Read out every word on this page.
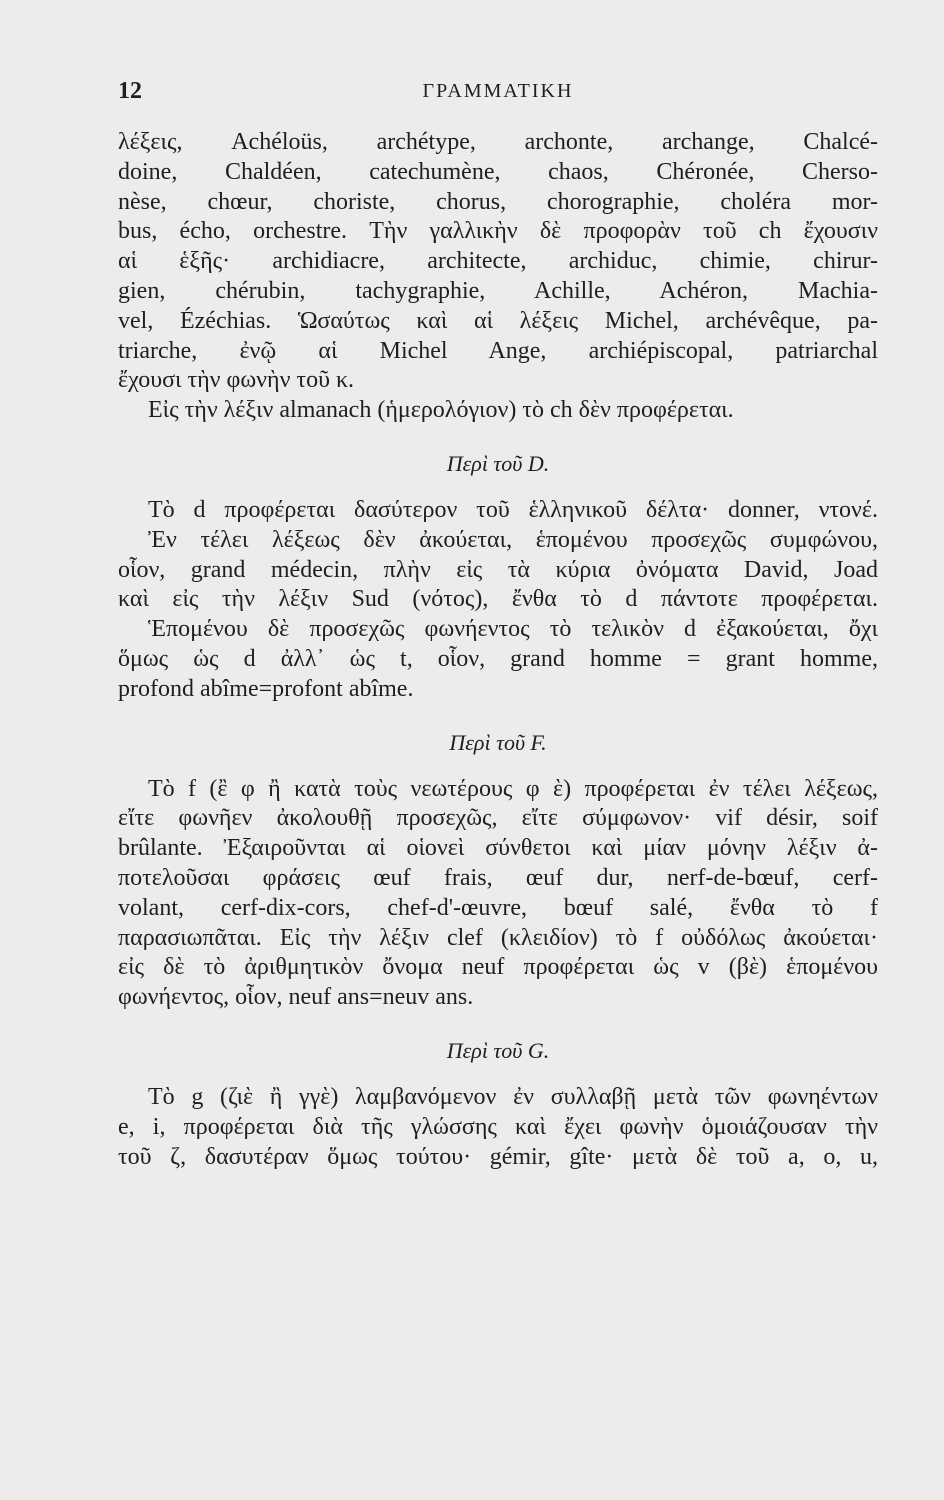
12	ΓΡΑΜΜΑΤΙΚΗ
λέξεις, Achéloüs, archétype, archonte, archange, Chalcé-
doine, Chaldéen, catechumène, chaos, Chéronée, Cherso-
nèse, chœur, choriste, chorus, chorographie, choléra mor-
bus, écho, orchestre. Τὴν γαλλικὴν δὲ προφορὰν τοῦ ch ἔχουσιν
αἱ ἑξῆς· archidiacre, architecte, archiduc, chimie, chirur-
gien, chérubin, tachygraphie, Achille, Achéron, Machia-
vel, Ézéchias. Ὡσαύτως καὶ αἱ λέξεις Michel, archévêque, pa-
triarche, ἐνῷ αἱ Michel Ange, archiépiscopal, patriarchal
ἔχουσι τὴν φωνὴν τοῦ κ.
Εἰς τὴν λέξιν almanach (ἡμερολόγιον) τὸ ch δὲν προφέρεται.
Περὶ τοῦ D.
Τὸ d προφέρεται δασύτερον τοῦ ἑλληνικοῦ δέλτα· donner, ντονέ.
Ἐν τέλει λέξεως δὲν ἀκούεται, ἑπομένου προσεχῶς συμφώνου,
οἷον, grand médecin, πλὴν εἰς τὰ κύρια ὀνόματα David, Joad
καὶ εἰς τὴν λέξιν Sud (νότος), ἔνθα τὸ d πάντοτε προφέρεται.
Ἑπομένου δὲ προσεχῶς φωνήεντος τὸ τελικὸν d ἐξακούεται, ὄχι
ὅμως ὡς d ἀλλ᾽ ὡς t, οἷον, grand homme = grant homme,
profond abîme=profont abîme.
Περὶ τοῦ F.
Τὸ f (ἒ φ ἢ κατὰ τοὺς νεωτέρους φ ὲ) προφέρεται ἐν τέλει λέξεως,
εἴτε φωνῆεν ἀκολουθῇ προσεχῶς, εἴτε σύμφωνον· vif désir, soif
brûlante. Ἐξαιροῦνται αἱ οἱονεὶ σύνθετοι καὶ μίαν μόνην λέξιν ἀ-
ποτελοῦσαι φράσεις œuf frais, œuf dur, nerf-de-bœuf, cerf-
volant, cerf-dix-cors, chef-d'-œuvre, bœuf salé, ἔνθα τὸ f
παρασιωπᾶται. Εἰς τὴν λέξιν clef (κλειδίον) τὸ f οὐδόλως ἀκούεται·
εἰς δὲ τὸ ἀριθμητικὸν ὄνομα neuf προφέρεται ὡς v (βὲ) ἑπομένου
φωνήεντος, οἷον, neuf ans=neuv ans.
Περὶ τοῦ G.
Τὸ g (ζιὲ ἢ γγὲ) λαμβανόμενον ἐν συλλαβῇ μετὰ τῶν φωνηέντων
e, i, προφέρεται διὰ τῆς γλώσσης καὶ ἔχει φωνὴν ὁμοιάζουσαν τὴν
τοῦ ζ, δασυτέραν ὅμως τούτου· gémir, gîte· μετὰ δὲ τοῦ a, o, u,
